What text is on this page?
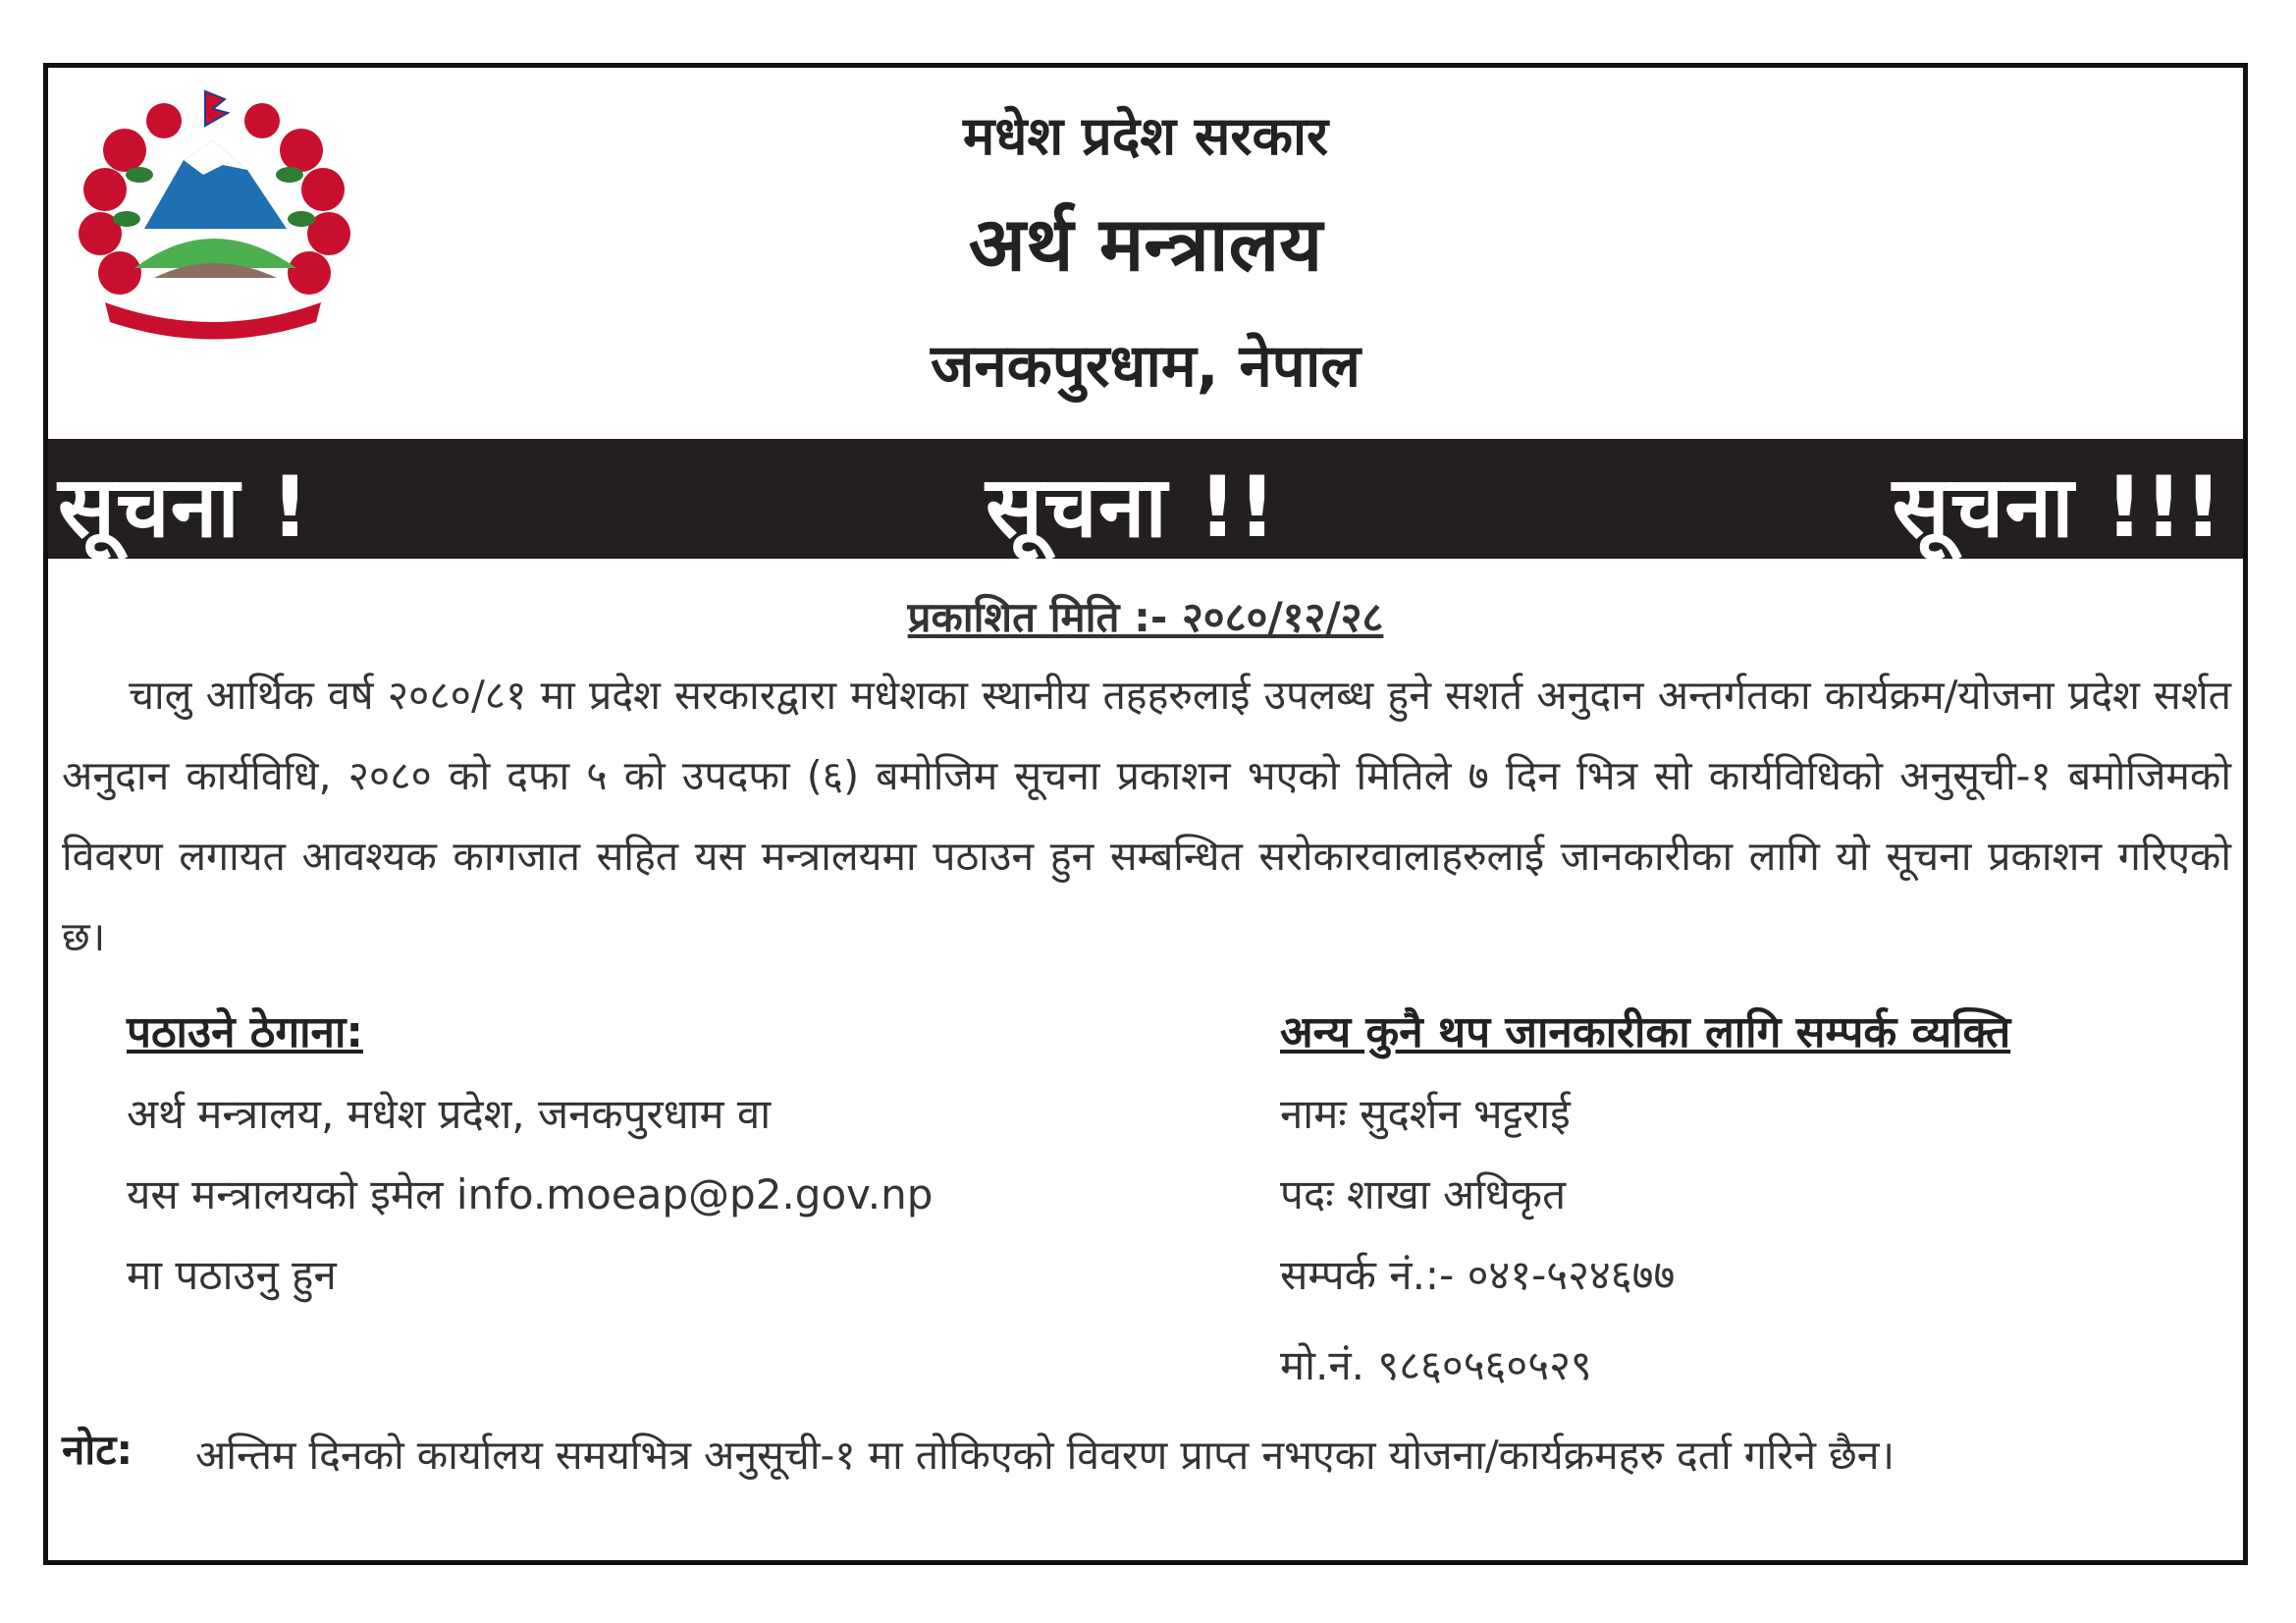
मधेश प्रदेश सरकार
अर्थ मन्त्रालय
जनकपुरधाम, नेपाल
सूचना !	सूचना !!	सूचना !!!
प्रकाशित मिति :- २०८०/१२/२८

चालु आर्थिक वर्ष २०८०/८१ मा प्रदेश सरकारद्वारा मधेशका स्थानीय तहहरुलाई उपलब्ध हुने सशर्त अनुदान अन्तर्गतका कार्यक्रम/योजना प्रदेश सर्शत अनुदान कार्यविधि, २०८० को दफा ५ को उपदफा (६) बमोजिम सूचना प्रकाशन भएको मितिले ७ दिन भित्र सो कार्यविधिको अनुसूची-१ बमोजिमको विवरण लगायत आवश्यक कागजात सहित यस मन्त्रालयमा पठाउन हुन सम्बन्धित सरोकारवालाहरुलाई जानकारीका लागि यो सूचना प्रकाशन गरिएको छ।

पठाउने ठेगाना:
अर्थ मन्त्रालय, मधेश प्रदेश, जनकपुरधाम वा
यस मन्त्रालयको इमेल info.moeap@p2.gov.np
मा पठाउनु हुन
अन्य कुनै थप जानकारीका लागि सम्पर्क व्यक्ति
नामः सुदर्शन भट्टराई
पदः शाखा अधिकृत
सम्पर्क नं.:- ०४१-५२४६७७
मो.नं. ९८६०५६०५२९
नोट: अन्तिम दिनको कार्यालय समयभित्र अनुसूची-१ मा तोकिएको विवरण प्राप्त नभएका योजना/कार्यक्रमहरु दर्ता गरिने छैन।
